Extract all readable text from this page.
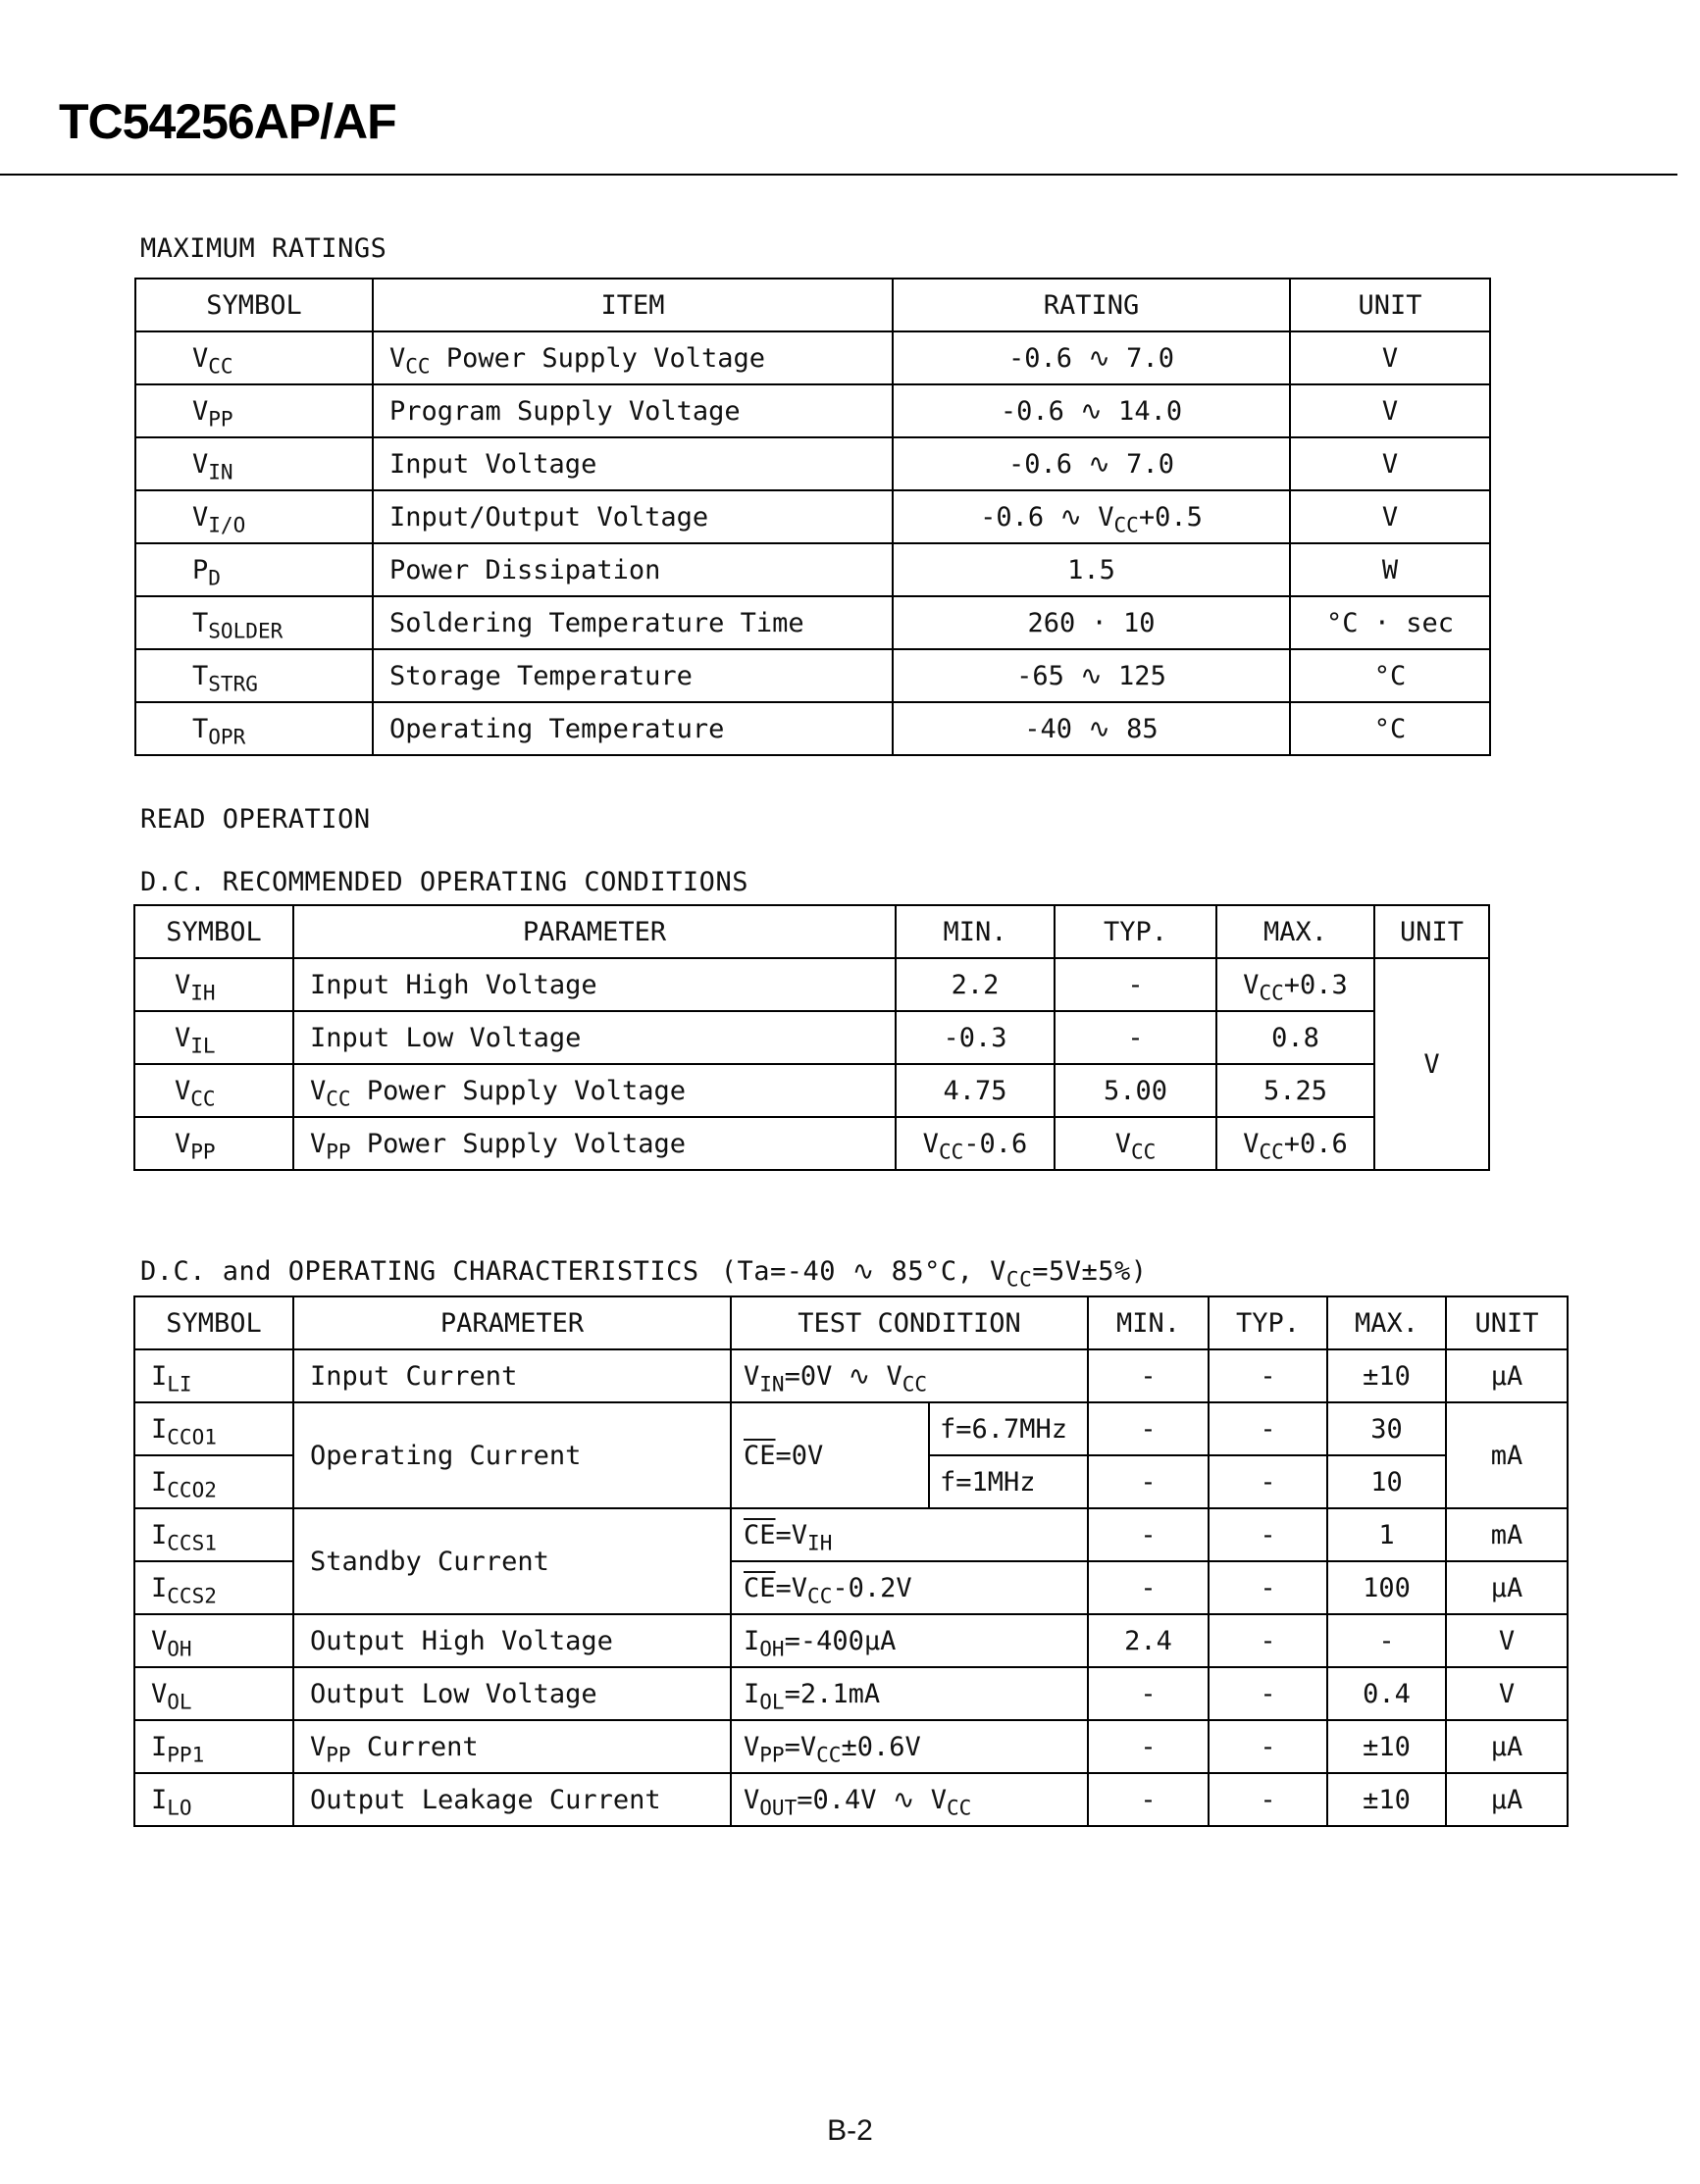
TC54256AP/AF

MAXIMUM RATINGS

SYMBOL	ITEM	RATING	UNIT
$V_{CC}$	$V_{CC}$ Power Supply Voltage	-0.6 ∿ 7.0	V
$V_{PP}$	Program Supply Voltage	-0.6 ∿ 14.0	V
$V_{IN}$	Input Voltage	-0.6 ∿ 7.0	V
$V_{I/O}$	Input/Output Voltage	-0.6 ∿ $V_{CC}+0.5$	V
$P_D$	Power Dissipation	1.5	W
$T_{SOLDER}$	Soldering Temperature Time	260 · 10	°C · sec
$T_{STRG}$	Storage Temperature	-65 ∿ 125	°C
$T_{OPR}$	Operating Temperature	-40 ∿ 85	°C

READ OPERATION

D.C. RECOMMENDED OPERATING CONDITIONS

SYMBOL	PARAMETER	MIN.	TYP.	MAX.	UNIT
$V_{IH}$	Input High Voltage	2.2	-	$V_{CC}+0.3$	V
$V_{IL}$	Input Low Voltage	-0.3	-	0.8	
$V_{CC}$	$V_{CC}$ Power Supply Voltage	4.75	5.00	5.25	
$V_{PP}$	$V_{PP}$ Power Supply Voltage	$V_{CC}-0.6$	$V_{CC}$	$V_{CC}+0.6$	

D.C. and OPERATING CHARACTERISTICS (Ta=-40 ∿ 85°C, $V_{CC}=5V\pm 5\%$)

SYMBOL	PARAMETER	TEST CONDITION		MIN.	TYP.	MAX.	UNIT
$I_{LI}$	Input Current	$V_{IN}=0V$ ∿ $V_{CC}$		-	-	±10	µA
$I_{CCO1}$	Operating Current	$\overline{CE}=0V$	f=6.7MHz	-	-	30	mA
$I_{CCO2}$			f=1MHz	-	-	10	
$I_{CCS1}$	Standby Current	$\overline{CE}=V_{IH}$		-	-	1	mA
$I_{CCS2}$		$\overline{CE}=V_{CC}-0.2V$		-	-	100	µA
$V_{OH}$	Output High Voltage	$I_{OH}=-400\mu A$		2.4	-	-	V
$V_{OL}$	Output Low Voltage	$I_{OL}=2.1mA$		-	-	0.4	V
$I_{PP1}$	$V_{PP}$ Current	$V_{PP}=V_{CC}\pm 0.6V$		-	-	±10	µA
$I_{LO}$	Output Leakage Current	$V_{OUT}=0.4V$ ∿ $V_{CC}$		-	-	±10	µA

B-2
